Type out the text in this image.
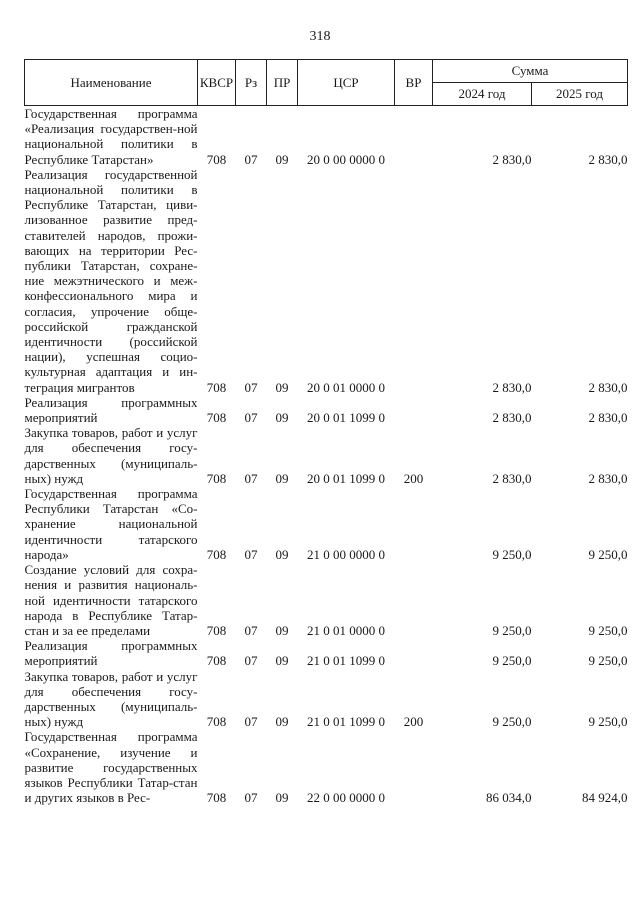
318
Наименование	КВСР	Рз	ПР	ЦСР	ВР	Сумма	
						2024 год	2025 год
Государственная программа «Реализация государствен-ной национальной политики в Республике Татарстан»	708	07	09	20 0 00 0000 0		2 830,0	2 830,0
Реализация государственной национальной политики в Республике Татарстан, циви-лизованное развитие пред-ставителей народов, прожи-вающих на территории Рес-публики Татарстан, сохране-ние межэтнического и меж-конфессионального мира и согласия, упрочение обще-российской гражданской идентичности (российской нации), успешная социо-культурная адаптация и ин-теграция мигрантов	708	07	09	20 0 01 0000 0		2 830,0	2 830,0
Реализация программных мероприятий	708	07	09	20 0 01 1099 0		2 830,0	2 830,0
Закупка товаров, работ и услуг для обеспечения госу-дарственных (муниципаль-ных) нужд	708	07	09	20 0 01 1099 0	200	2 830,0	2 830,0
Государственная программа Республики Татарстан «Со-хранение национальной идентичности татарского народа»	708	07	09	21 0 00 0000 0		9 250,0	9 250,0
Создание условий для сохра-нения и развития националь-ной идентичности татарского народа в Республике Татар-стан и за ее пределами	708	07	09	21 0 01 0000 0		9 250,0	9 250,0
Реализация программных мероприятий	708	07	09	21 0 01 1099 0		9 250,0	9 250,0
Закупка товаров, работ и услуг для обеспечения госу-дарственных (муниципаль-ных) нужд	708	07	09	21 0 01 1099 0	200	9 250,0	9 250,0
Государственная программа «Сохранение, изучение и развитие государственных языков Республики Татар-стан и других языков в Рес-	708	07	09	22 0 00 0000 0		86 034,0	84 924,0
